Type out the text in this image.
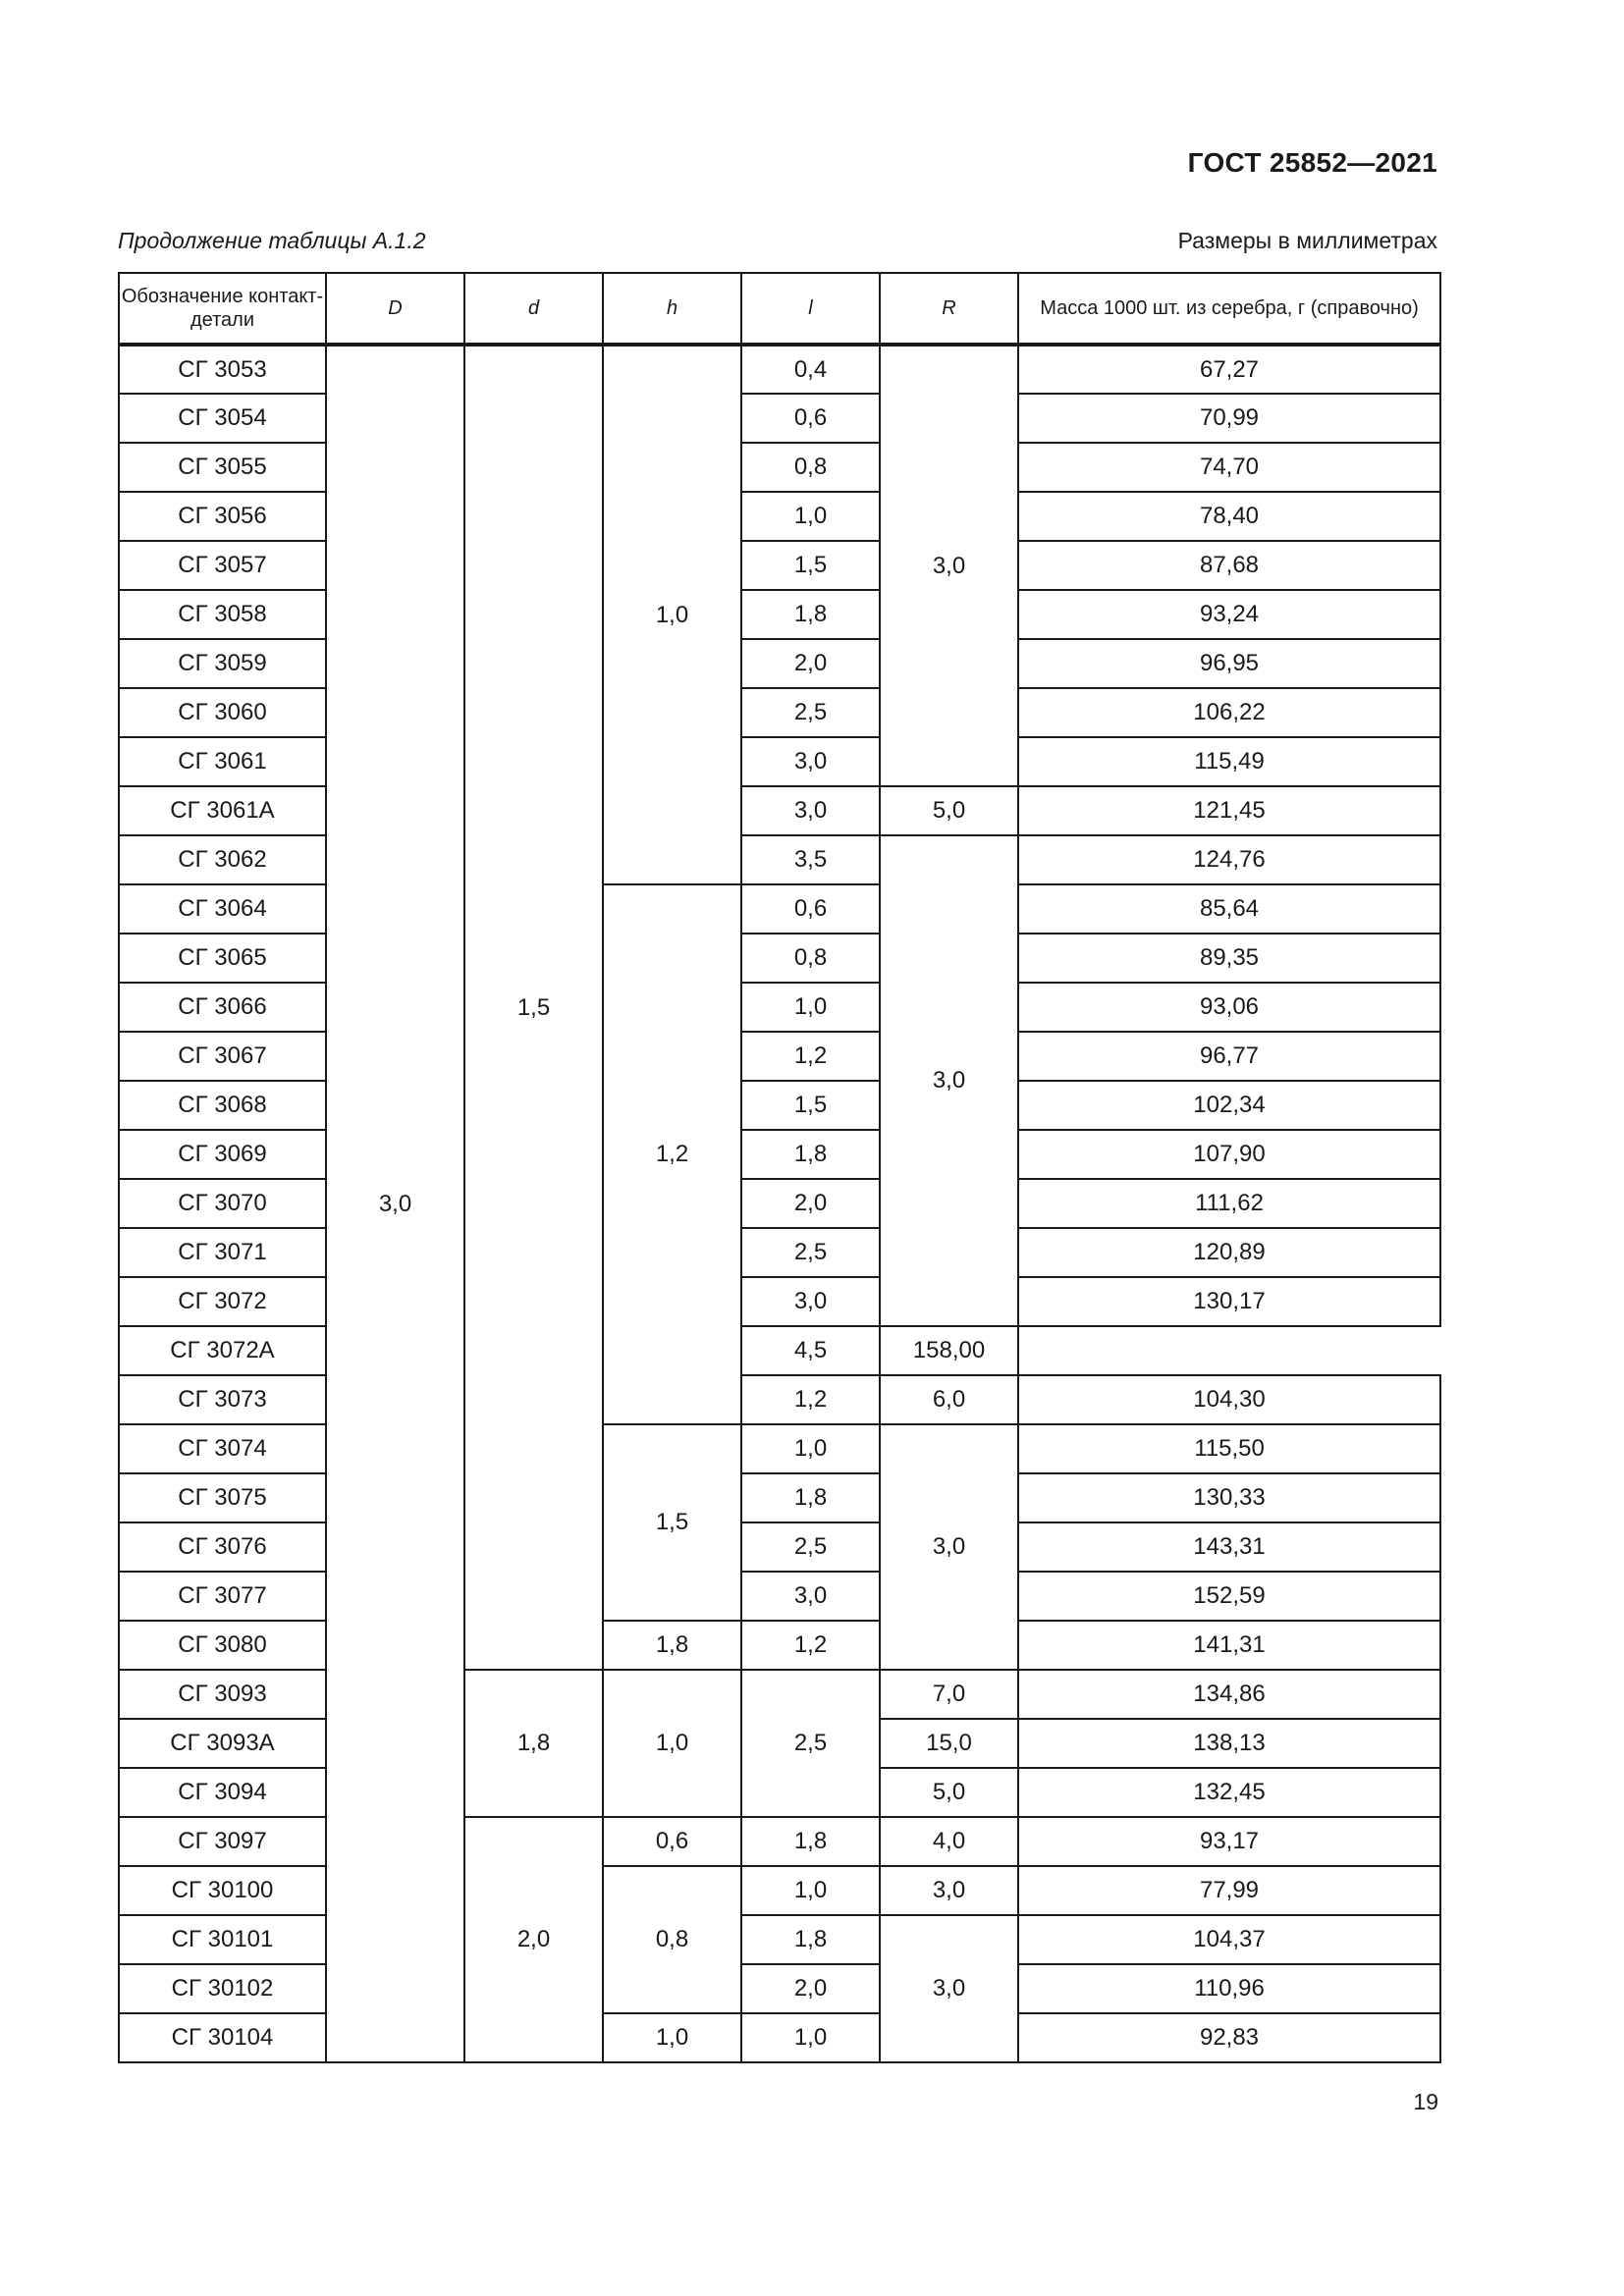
ГОСТ 25852—2021
Продолжение таблицы А.1.2	Размеры в миллиметрах
Обозначение контакт-детали	D	d	h	l	R	Масса 1000 шт. из серебра, г (справочно)
СГ 3053	3,0	1,5	1,0	0,4	3,0	67,27
СГ 3054				0,6		70,99
СГ 3055				0,8		74,70
СГ 3056				1,0		78,40
СГ 3057				1,5		87,68
СГ 3058				1,8		93,24
СГ 3059				2,0		96,95
СГ 3060				2,5		106,22
СГ 3061				3,0		115,49
СГ 3061А				3,0	5,0	121,45
СГ 3062				3,5	3,0	124,76
СГ 3064			1,2	0,6		85,64
СГ 3065				0,8		89,35
СГ 3066				1,0		93,06
СГ 3067				1,2		96,77
СГ 3068				1,5		102,34
СГ 3069				1,8		107,90
СГ 3070				2,0		111,62
СГ 3071				2,5		120,89
СГ 3072				3,0		130,17
СГ 3072А				4,5	158,00	
СГ 3073				1,2	6,0	104,30
СГ 3074			1,5	1,0	3,0	115,50
СГ 3075				1,8		130,33
СГ 3076				2,5		143,31
СГ 3077				3,0		152,59
СГ 3080			1,8	1,2		141,31
СГ 3093		1,8	1,0	2,5	7,0	134,86
СГ 3093А					15,0	138,13
СГ 3094					5,0	132,45
СГ 3097		2,0	0,6	1,8	4,0	93,17
СГ 30100			0,8	1,0	3,0	77,99
СГ 30101				1,8	3,0	104,37
СГ 30102				2,0		110,96
СГ 30104			1,0	1,0		92,83
19
